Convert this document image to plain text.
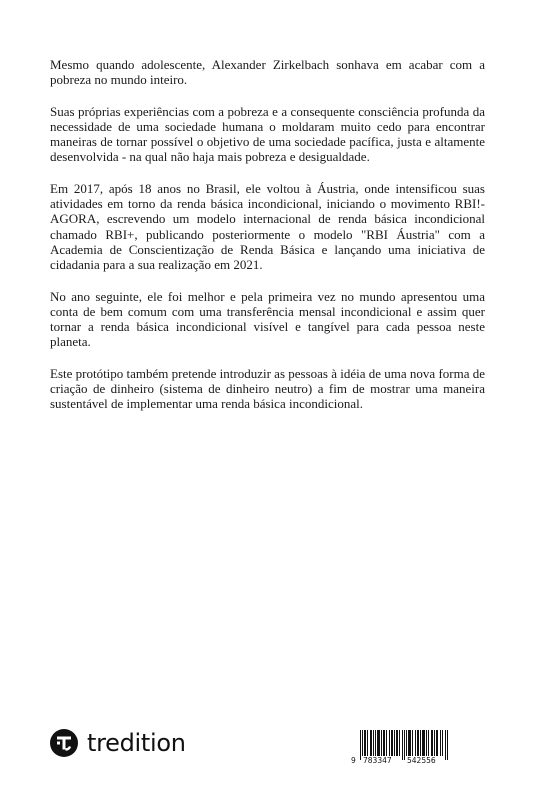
Mesmo quando adolescente, Alexander Zirkelbach sonhava em acabar com a pobreza no mundo inteiro.

Suas próprias experiências com a pobreza e a consequente consciência profunda da necessidade de uma sociedade humana o moldaram muito cedo para encontrar maneiras de tornar possível o objetivo de uma sociedade pacífica, justa e altamente desenvolvida - na qual não haja mais pobreza e desigualdade.

Em 2017, após 18 anos no Brasil, ele voltou à Áustria, onde intensificou suas atividades em torno da renda básica incondicional, iniciando o movimento RBI!-AGORA, escrevendo um modelo internacional de renda básica incondicional chamado RBI+, publicando posteriormente o modelo "RBI Áustria" com a Academia de Conscientização de Renda Básica e lançando uma iniciativa de cidadania para a sua realização em 2021.

No ano seguinte, ele foi melhor e pela primeira vez no mundo apresentou uma conta de bem comum com uma transferência mensal incondicional e assim quer tornar a renda básica incondicional visível e tangível para cada pessoa neste planeta.

Este protótipo também pretende introduzir as pessoas à idéia de uma nova forma de criação de dinheiro (sistema de dinheiro neutro) a fim de mostrar uma maneira sustentável de implementar uma renda básica incondicional.

tredition
9 783347 542556
